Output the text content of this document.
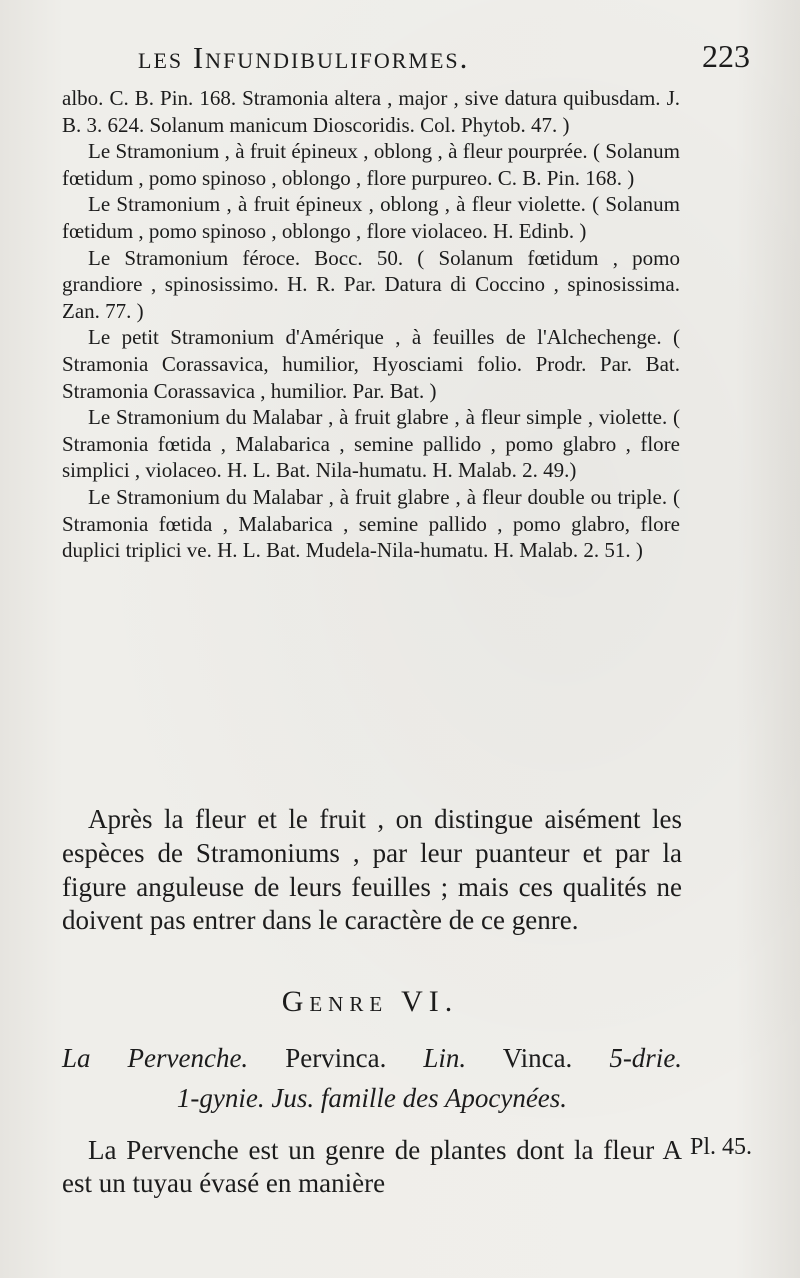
les Infundibuliformes.	223

albo. C. B. Pin. 168. Stramonia altera , major , sive datura quibusdam. J. B. 3. 624. Solanum manicum Dioscoridis. Col. Phytob. 47. )

Le Stramonium , à fruit épineux , oblong , à fleur pourprée. ( Solanum fœtidum , pomo spinoso , oblongo , flore purpureo. C. B. Pin. 168. )

Le Stramonium , à fruit épineux , oblong , à fleur violette. ( Solanum fœtidum , pomo spinoso , oblongo , flore violaceo. H. Edinb. )

Le Stramonium féroce. Bocc. 50. ( Solanum fœtidum , pomo grandiore , spinosissimo. H. R. Par. Datura di Coccino , spinosissima. Zan. 77. )

Le petit Stramonium d'Amérique , à feuilles de l'Alchechenge. ( Stramonia Corassavica, humilior, Hyosciami folio. Prodr. Par. Bat. Stramonia Corassavica , humilior. Par. Bat. )

Le Stramonium du Malabar , à fruit glabre , à fleur simple , violette. ( Stramonia fœtida , Malabarica , semine pallido , pomo glabro , flore simplici , violaceo. H. L. Bat. Nila-humatu. H. Malab. 2. 49.)

Le Stramonium du Malabar , à fruit glabre , à fleur double ou triple. ( Stramonia fœtida , Malabarica , semine pallido , pomo glabro, flore duplici triplici ve. H. L. Bat. Mudela-Nila-humatu. H. Malab. 2. 51. )

Après la fleur et le fruit , on distingue aisément les espèces de Stramoniums , par leur puanteur et par la figure anguleuse de leurs feuilles ; mais ces qualités ne doivent pas entrer dans le caractère de ce genre.

Genre VI.
La Pervenche. Pervinca. Lin. Vinca. 5-drie.
1-gynie. Jus. famille des Apocynées.

La Pervenche est un genre de plantes dont la fleur A est un tuyau évasé en manière

Pl. 45.
